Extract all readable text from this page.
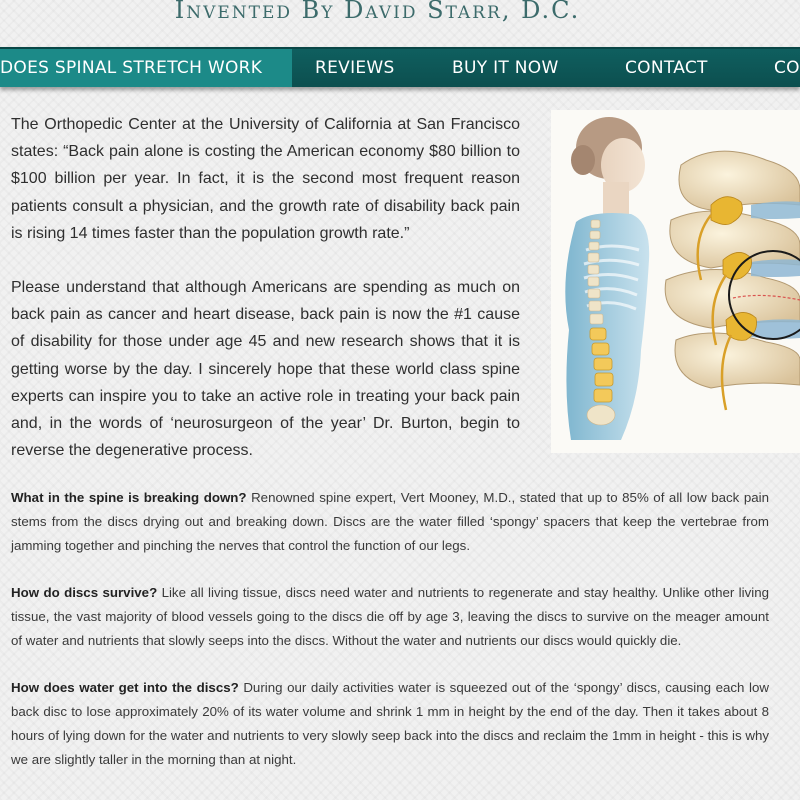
Invented By David Starr, D.C.
DOES SPINAL STRETCH WORK	REVIEWS	BUY IT NOW	CONTACT	CO

The Orthopedic Center at the University of California at San Francisco states: “Back pain alone is costing the American economy $80 billion to $100 billion per year. In fact, it is the second most frequent reason patients consult a physician, and the growth rate of disability back pain is rising 14 times faster than the population growth rate.”

Please understand that although Americans are spending as much on back pain as cancer and heart disease, back pain is now the #1 cause of disability for those under age 45 and new research shows that it is getting worse by the day. I sincerely hope that these world class spine experts can inspire you to take an active role in treating your back pain and, in the words of ‘neurosurgeon of the year’ Dr. Burton, begin to reverse the degenerative process.

What in the spine is breaking down? Renowned spine expert, Vert Mooney, M.D., stated that up to 85% of all low back pain stems from the discs drying out and breaking down. Discs are the water filled ‘spongy’ spacers that keep the vertebrae from jamming together and pinching the nerves that control the function of our legs.

How do discs survive? Like all living tissue, discs need water and nutrients to regenerate and stay healthy. Unlike other living tissue, the vast majority of blood vessels going to the discs die off by age 3, leaving the discs to survive on the meager amount of water and nutrients that slowly seeps into the discs. Without the water and nutrients our discs would quickly die.

How does water get into the discs? During our daily activities water is squeezed out of the ‘spongy’ discs, causing each low back disc to lose approximately 20% of its water volume and shrink 1 mm in height by the end of the day. Then it takes about 8 hours of lying down for the water and nutrients to very slowly seep back into the discs and reclaim the 1mm in height - this is why we are slightly taller in the morning than at night.
